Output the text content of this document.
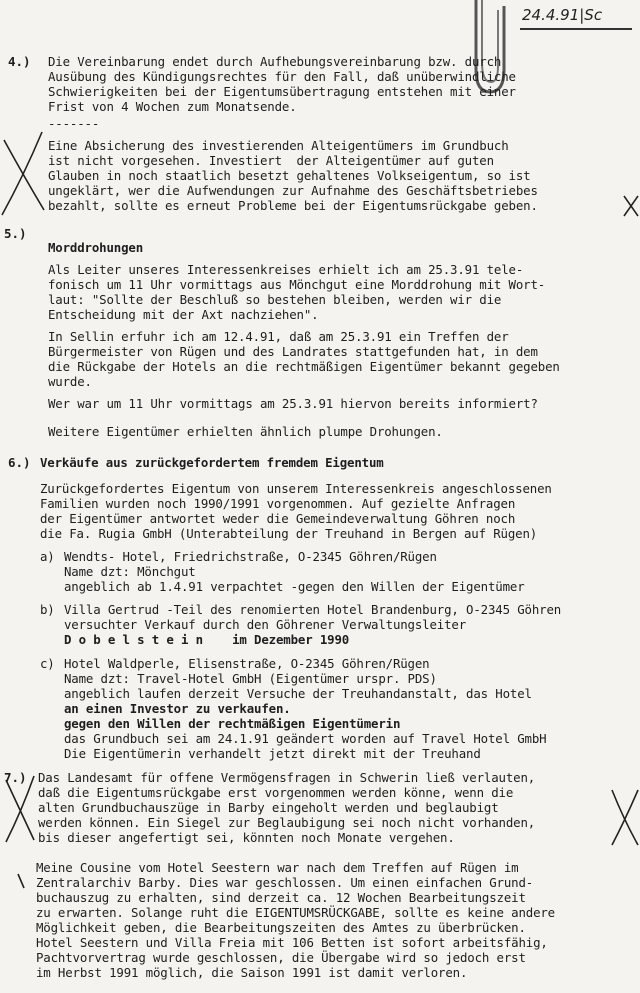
24.4.91|Sc
4.) Die Vereinbarung endet durch Aufhebungsvereinbarung bzw. durch
Ausübung des Kündigungsrechtes für den Fall, daß unüberwindliche
Schwierigkeiten bei der Eigentumsübertragung entstehen mit einer
Frist von 4 Wochen zum Monatsende.
-------
Eine Absicherung des investierenden Alteigentümers im Grundbuch
ist nicht vorgesehen. Investiert  der Alteigentümer auf guten
Glauben in noch staatlich besetzt gehaltenes Volkseigentum, so ist
ungeklärt, wer die Aufwendungen zur Aufnahme des Geschäftsbetriebes
bezahlt, sollte es erneut Probleme bei der Eigentumsrückgabe geben.
5.)
Morddrohungen
Als Leiter unseres Interessenkreises erhielt ich am 25.3.91 tele-
fonisch um 11 Uhr vormittags aus Mönchgut eine Morddrohung mit Wort-
laut: "Sollte der Beschluß so bestehen bleiben, werden wir die
Entscheidung mit der Axt nachziehen".
In Sellin erfuhr ich am 12.4.91, daß am 25.3.91 ein Treffen der
Bürgermeister von Rügen und des Landrates stattgefunden hat, in dem
die Rückgabe der Hotels an die rechtmäßigen Eigentümer bekannt gegeben
wurde.
Wer war um 11 Uhr vormittags am 25.3.91 hiervon bereits informiert?
Weitere Eigentümer erhielten ähnlich plumpe Drohungen.
6.) Verkäufe aus zurückgefordertem fremdem Eigentum
Zurückgefordertes Eigentum von unserem Interessenkreis angeschlossenen
Familien wurden noch 1990/1991 vorgenommen. Auf gezielte Anfragen
der Eigentümer antwortet weder die Gemeindeverwaltung Göhren noch
die Fa. Rugia GmbH (Unterabteilung der Treuhand in Bergen auf Rügen)
a) Wendts- Hotel, Friedrichstraße, O-2345 Göhren/Rügen
Name dzt: Mönchgut
angeblich ab 1.4.91 verpachtet -gegen den Willen der Eigentümer
b) Villa Gertrud -Teil des renomierten Hotel Brandenburg, O-2345 Göhren
versuchter Verkauf durch den Göhrener Verwaltungsleiter
D o b e l s t e i n    im Dezember 1990
c) Hotel Waldperle, Elisenstraße, O-2345 Göhren/Rügen
Name dzt: Travel-Hotel GmbH (Eigentümer urspr. PDS)
angeblich laufen derzeit Versuche der Treuhandanstalt, das Hotel
an einen Investor zu verkaufen.
gegen den Willen der rechtmäßigen Eigentümerin
das Grundbuch sei am 24.1.91 geändert worden auf Travel Hotel GmbH
Die Eigentümerin verhandelt jetzt direkt mit der Treuhand
7.) Das Landesamt für offene Vermögensfragen in Schwerin ließ verlauten,
daß die Eigentumsrückgabe erst vorgenommen werden könne, wenn die
alten Grundbuchauszüge in Barby eingeholt werden und beglaubigt
werden können. Ein Siegel zur Beglaubigung sei noch nicht vorhanden,
bis dieser angefertigt sei, könnten noch Monate vergehen.
Meine Cousine vom Hotel Seestern war nach dem Treffen auf Rügen im
Zentralarchiv Barby. Dies war geschlossen. Um einen einfachen Grund-
buchauszug zu erhalten, sind derzeit ca. 12 Wochen Bearbeitungszeit
zu erwarten. Solange ruht die EIGENTUMSRÜCKGABE, sollte es keine andere
Möglichkeit geben, die Bearbeitungszeiten des Amtes zu überbrücken.
Hotel Seestern und Villa Freia mit 106 Betten ist sofort arbeitsfähig,
Pachtvorvertrag wurde geschlossen, die Übergabe wird so jedoch erst
im Herbst 1991 möglich, die Saison 1991 ist damit verloren.
